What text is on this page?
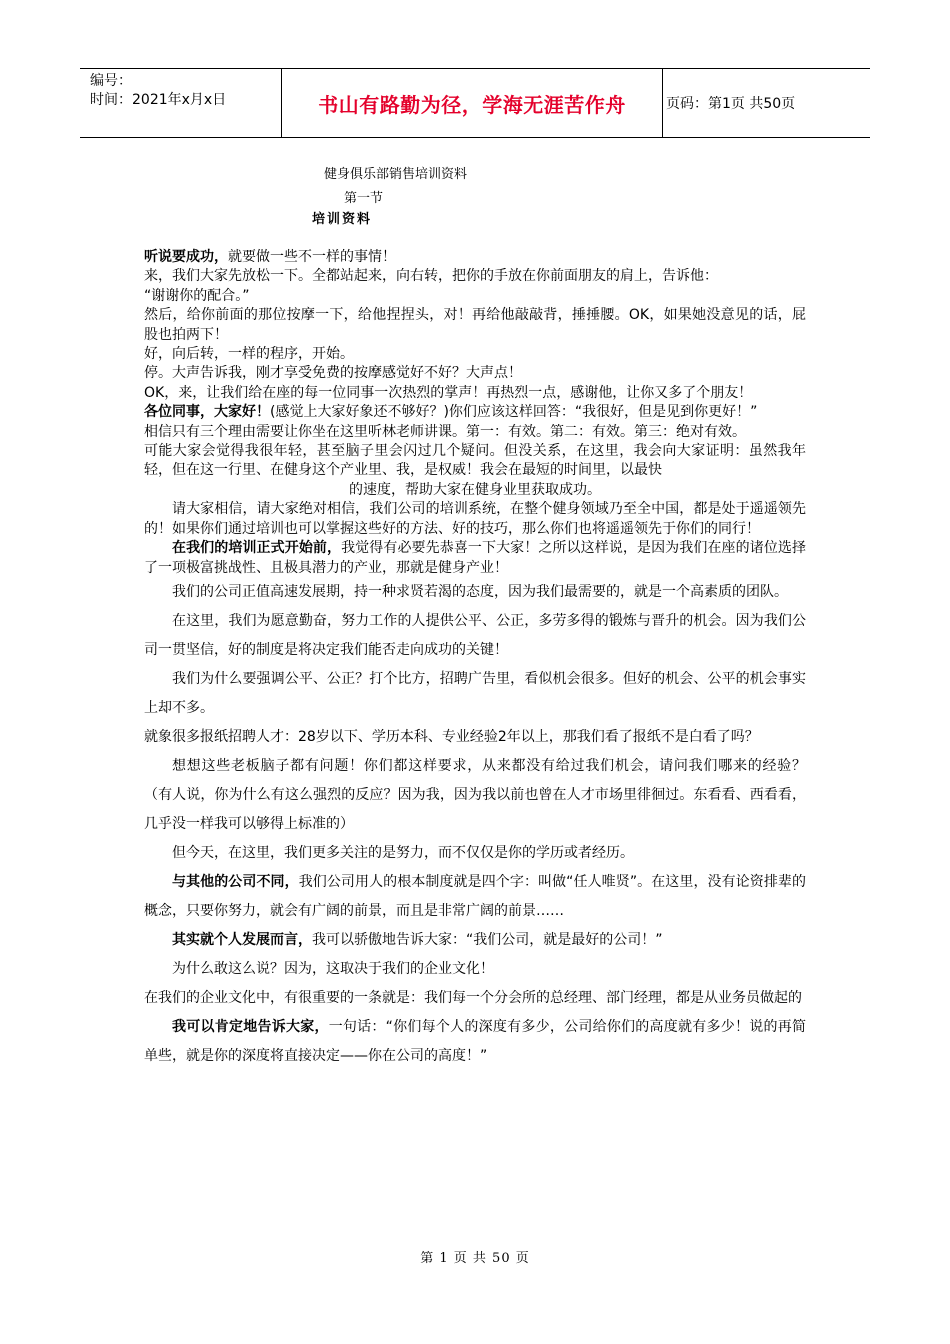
编号：
时间：2021年x月x日	书山有路勤为径，学海无涯苦作舟	页码：第1页 共50页
健身俱乐部销售培训资料
第一节
培训资料

听说要成功，就要做一些不一样的事情！

来，我们大家先放松一下。全都站起来，向右转，把你的手放在你前面朋友的肩上，告诉他：

“谢谢你的配合。”

然后，给你前面的那位按摩一下，给他捏捏头，对！再给他敲敲背，捶捶腰。OK，如果她没意见的话，屁股也拍两下！

好，向后转，一样的程序，开始。

停。大声告诉我，刚才享受免费的按摩感觉好不好？大声点！

OK，来，让我们给在座的每一位同事一次热烈的掌声！再热烈一点，感谢他，让你又多了个朋友！

各位同事，大家好！(感觉上大家好象还不够好？)你们应该这样回答：“我很好，但是见到你更好！”

相信只有三个理由需要让你坐在这里听林老师讲课。第一：有效。第二：有效。第三：绝对有效。

可能大家会觉得我很年轻，甚至脑子里会闪过几个疑问。但没关系，在这里，我会向大家证明：虽然我年轻，但在这一行里、在健身这个产业里、我，是权威！我会在最短的时间里，以最快

的速度，帮助大家在健身业里获取成功。

请大家相信，请大家绝对相信，我们公司的培训系统，在整个健身领域乃至全中国，都是处于遥遥领先的！如果你们通过培训也可以掌握这些好的方法、好的技巧，那么你们也将遥遥领先于你们的同行！

在我们的培训正式开始前，我觉得有必要先恭喜一下大家！之所以这样说，是因为我们在座的诸位选择了一项极富挑战性、且极具潜力的产业，那就是健身产业！

我们的公司正值高速发展期，持一种求贤若渴的态度，因为我们最需要的，就是一个高素质的团队。

在这里，我们为愿意勤奋，努力工作的人提供公平、公正，多劳多得的锻炼与晋升的机会。因为我们公司一贯坚信，好的制度是将决定我们能否走向成功的关键！

我们为什么要强调公平、公正？打个比方，招聘广告里，看似机会很多。但好的机会、公平的机会事实上却不多。

就象很多报纸招聘人才：28岁以下、学历本科、专业经验2年以上，那我们看了报纸不是白看了吗？

想想这些老板脑子都有问题！你们都这样要求，从来都没有给过我们机会，请问我们哪来的经验？ （有人说，你为什么有这么强烈的反应？因为我，因为我以前也曾在人才市场里徘徊过。东看看、西看看，几乎没一样我可以够得上标准的）

但今天，在这里，我们更多关注的是努力，而不仅仅是你的学历或者经历。

与其他的公司不同，我们公司用人的根本制度就是四个字：叫做“任人唯贤”。在这里，没有论资排辈的概念，只要你努力，就会有广阔的前景，而且是非常广阔的前景……

其实就个人发展而言，我可以骄傲地告诉大家：“我们公司，就是最好的公司！”

为什么敢这么说？因为，这取决于我们的企业文化！

在我们的企业文化中，有很重要的一条就是：我们每一个分会所的总经理、部门经理，都是从业务员做起的

我可以肯定地告诉大家，一句话：“你们每个人的深度有多少，公司给你们的高度就有多少！说的再简单些，就是你的深度将直接决定——你在公司的高度！”

第 1 页 共 50 页
